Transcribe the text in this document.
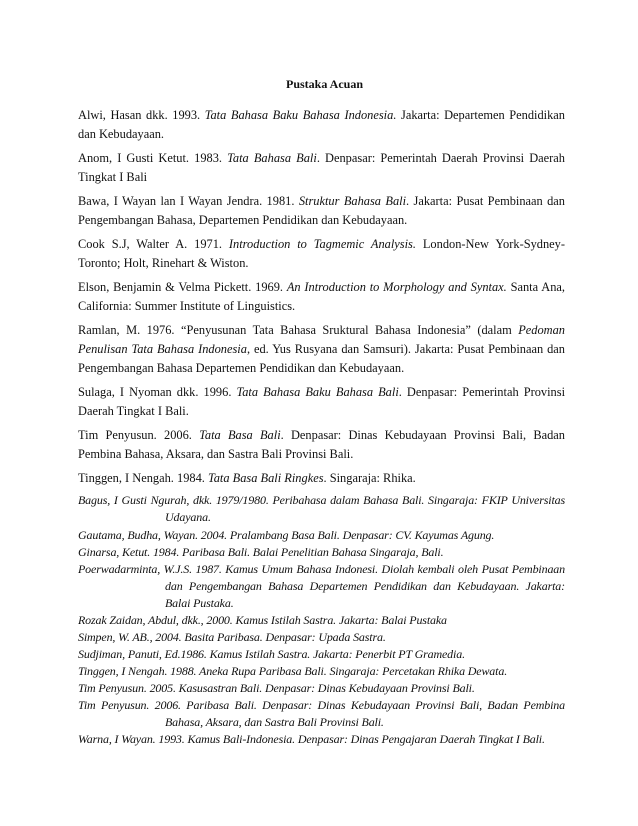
Pustaka Acuan

Alwi, Hasan dkk. 1993. Tata Bahasa Baku Bahasa Indonesia. Jakarta: Departemen Pendidikan dan Kebudayaan.

Anom, I Gusti Ketut. 1983. Tata Bahasa Bali. Denpasar: Pemerintah Daerah Provinsi Daerah Tingkat I Bali

Bawa, I Wayan lan I Wayan Jendra. 1981. Struktur Bahasa Bali. Jakarta: Pusat Pembinaan dan Pengembangan Bahasa, Departemen Pendidikan dan Kebudayaan.

Cook S.J, Walter A. 1971. Introduction to Tagmemic Analysis. London-New York-Sydney-Toronto; Holt, Rinehart & Wiston.

Elson, Benjamin & Velma Pickett. 1969. An Introduction to Morphology and Syntax. Santa Ana, California: Summer Institute of Linguistics.

Ramlan, M. 1976. “Penyusunan Tata Bahasa Sruktural Bahasa Indonesia” (dalam Pedoman Penulisan Tata Bahasa Indonesia, ed. Yus Rusyana dan Samsuri). Jakarta: Pusat Pembinaan dan Pengembangan Bahasa Departemen Pendidikan dan Kebudayaan.

Sulaga, I Nyoman dkk. 1996. Tata Bahasa Baku Bahasa Bali. Denpasar: Pemerintah Provinsi Daerah Tingkat I Bali.

Tim Penyusun. 2006. Tata Basa Bali. Denpasar: Dinas Kebudayaan Provinsi Bali, Badan Pembina Bahasa, Aksara, dan Sastra Bali Provinsi Bali.

Tinggen, I Nengah. 1984. Tata Basa Bali Ringkes. Singaraja: Rhika.

Bagus, I Gusti Ngurah, dkk. 1979/1980. Peribahasa dalam Bahasa Bali. Singaraja: FKIP Universitas Udayana.

Gautama, Budha, Wayan. 2004. Pralambang Basa Bali. Denpasar: CV. Kayumas Agung.

Ginarsa, Ketut. 1984. Paribasa Bali. Balai Penelitian Bahasa Singaraja, Bali.

Poerwadarminta, W.J.S. 1987. Kamus Umum Bahasa Indonesi. Diolah kembali oleh Pusat Pembinaan dan Pengembangan Bahasa Departemen Pendidikan dan Kebudayaan. Jakarta: Balai Pustaka.

Rozak Zaidan, Abdul, dkk., 2000. Kamus Istilah Sastra. Jakarta: Balai Pustaka

Simpen, W. AB., 2004. Basita Paribasa. Denpasar: Upada Sastra.

Sudjiman, Panuti, Ed.1986. Kamus Istilah Sastra. Jakarta: Penerbit PT Gramedia.

Tinggen, I Nengah. 1988. Aneka Rupa Paribasa Bali. Singaraja: Percetakan Rhika Dewata.

Tim Penyusun. 2005. Kasusastran Bali. Denpasar: Dinas Kebudayaan Provinsi Bali.

Tim Penyusun. 2006. Paribasa Bali. Denpasar: Dinas Kebudayaan Provinsi Bali, Badan Pembina Bahasa, Aksara, dan Sastra Bali Provinsi Bali.

Warna, I Wayan. 1993. Kamus Bali-Indonesia. Denpasar: Dinas Pengajaran Daerah Tingkat I Bali.
